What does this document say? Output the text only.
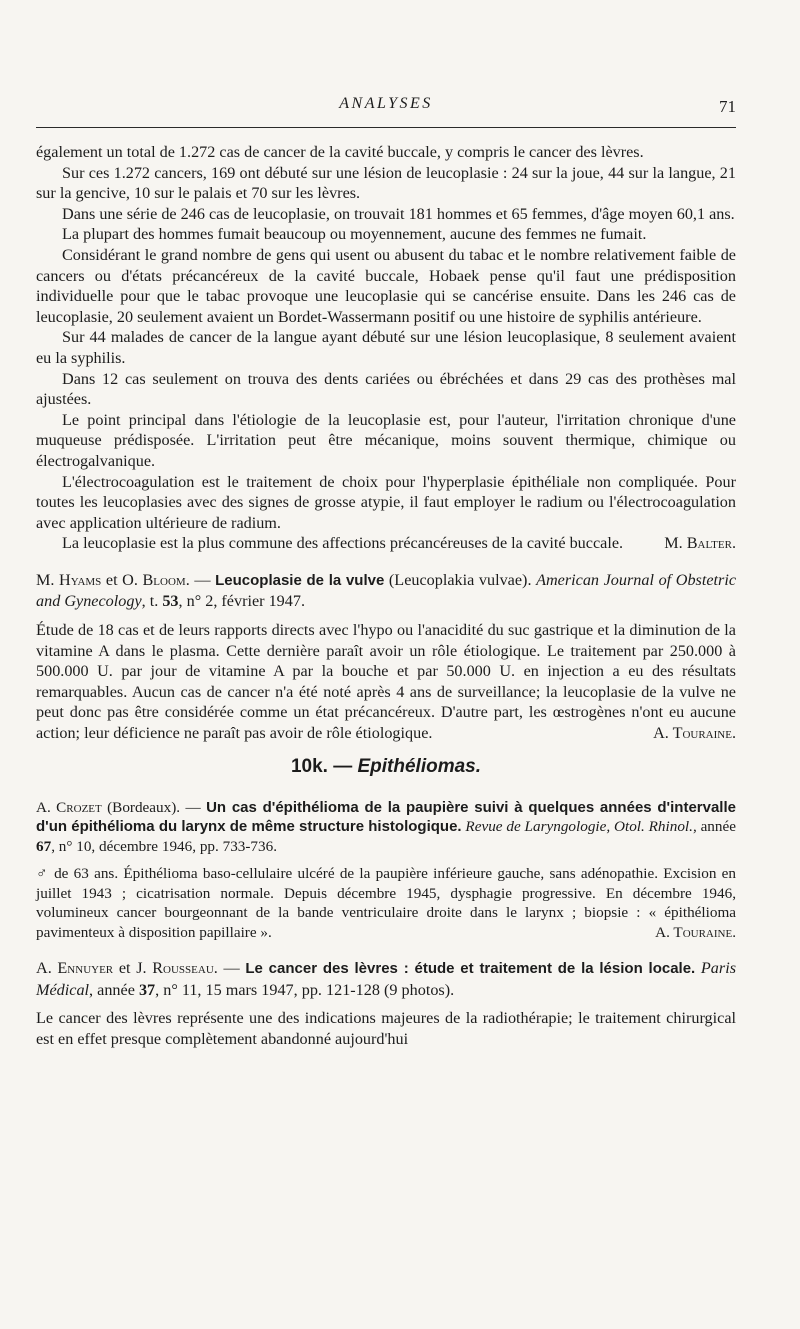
ANALYSES	71

également un total de 1.272 cas de cancer de la cavité buccale, y compris le cancer des lèvres.

Sur ces 1.272 cancers, 169 ont débuté sur une lésion de leucoplasie : 24 sur la joue, 44 sur la langue, 21 sur la gencive, 10 sur le palais et 70 sur les lèvres.

Dans une série de 246 cas de leucoplasie, on trouvait 181 hommes et 65 femmes, d'âge moyen 60,1 ans.

La plupart des hommes fumait beaucoup ou moyennement, aucune des femmes ne fumait.

Considérant le grand nombre de gens qui usent ou abusent du tabac et le nombre relativement faible de cancers ou d'états précancéreux de la cavité buccale, Hobaek pense qu'il faut une prédisposition individuelle pour que le tabac provoque une leucoplasie qui se cancérise ensuite. Dans les 246 cas de leucoplasie, 20 seulement avaient un Bordet-Wassermann positif ou une histoire de syphilis antérieure.

Sur 44 malades de cancer de la langue ayant débuté sur une lésion leucoplasique, 8 seulement avaient eu la syphilis.

Dans 12 cas seulement on trouva des dents cariées ou ébréchées et dans 29 cas des prothèses mal ajustées.

Le point principal dans l'étiologie de la leucoplasie est, pour l'auteur, l'irritation chronique d'une muqueuse prédisposée. L'irritation peut être mécanique, moins souvent thermique, chimique ou électrogalvanique.

L'électrocoagulation est le traitement de choix pour l'hyperplasie épithéliale non compliquée. Pour toutes les leucoplasies avec des signes de grosse atypie, il faut employer le radium ou l'électrocoagulation avec application ultérieure de radium.

La leucoplasie est la plus commune des affections précancéreuses de la cavité buccale.	M. Balter.

M. Hyams et O. Bloom. — Leucoplasie de la vulve (Leucoplakia vulvae). American Journal of Obstetric and Gynecology, t. 53, n° 2, février 1947.

Étude de 18 cas et de leurs rapports directs avec l'hypo ou l'anacidité du suc gastrique et la diminution de la vitamine A dans le plasma. Cette dernière paraît avoir un rôle étiologique. Le traitement par 250.000 à 500.000 U. par jour de vitamine A par la bouche et par 50.000 U. en injection a eu des résultats remarquables. Aucun cas de cancer n'a été noté après 4 ans de surveillance; la leucoplasie de la vulve ne peut donc pas être considérée comme un état précancéreux. D'autre part, les œstrogènes n'ont eu aucune action; leur déficience ne paraît pas avoir de rôle étiologique.	A. Touraine.

10k. — Epithéliomas.

A. Crozet (Bordeaux). — Un cas d'épithélioma de la paupière suivi à quelques années d'intervalle d'un épithélioma du larynx de même structure histologique. Revue de Laryngologie, Otol. Rhinol., année 67, n° 10, décembre 1946, pp. 733-736.

♂ de 63 ans. Épithélioma baso-cellulaire ulcéré de la paupière inférieure gauche, sans adénopathie. Excision en juillet 1943 ; cicatrisation normale. Depuis décembre 1945, dysphagie progressive. En décembre 1946, volumineux cancer bourgeonnant de la bande ventriculaire droite dans le larynx ; biopsie : « épithélioma pavimenteux à disposition papillaire ».	A. Touraine.

A. Ennuyer et J. Rousseau. — Le cancer des lèvres : étude et traitement de la lésion locale. Paris Médical, année 37, n° 11, 15 mars 1947, pp. 121-128 (9 photos).

Le cancer des lèvres représente une des indications majeures de la radiothérapie; le traitement chirurgical est en effet presque complètement abandonné aujourd'hui
